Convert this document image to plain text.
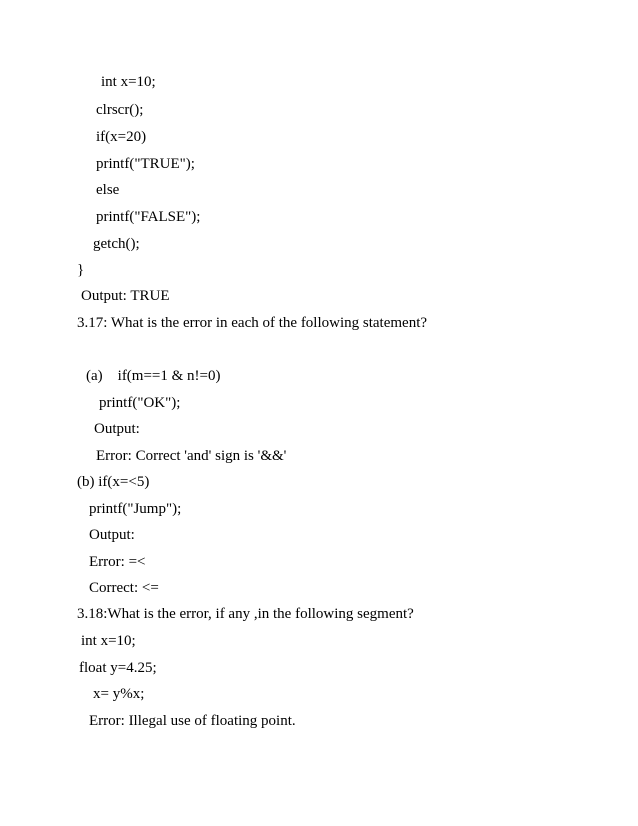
int x=10;
clrscr();
if(x=20)
printf("TRUE");
else
printf("FALSE");
getch();
}
Output: TRUE
3.17: What is the error in each of the following statement?
(a)    if(m==1 & n!=0)
printf("OK");
Output:
Error: Correct 'and' sign is '&&'
(b) if(x=<5)
printf("Jump");
Output:
Error: =<
Correct: <=
3.18:What is the error, if any ,in the following segment?
int x=10;
float y=4.25;
x= y%x;
Error: Illegal use of floating point.
